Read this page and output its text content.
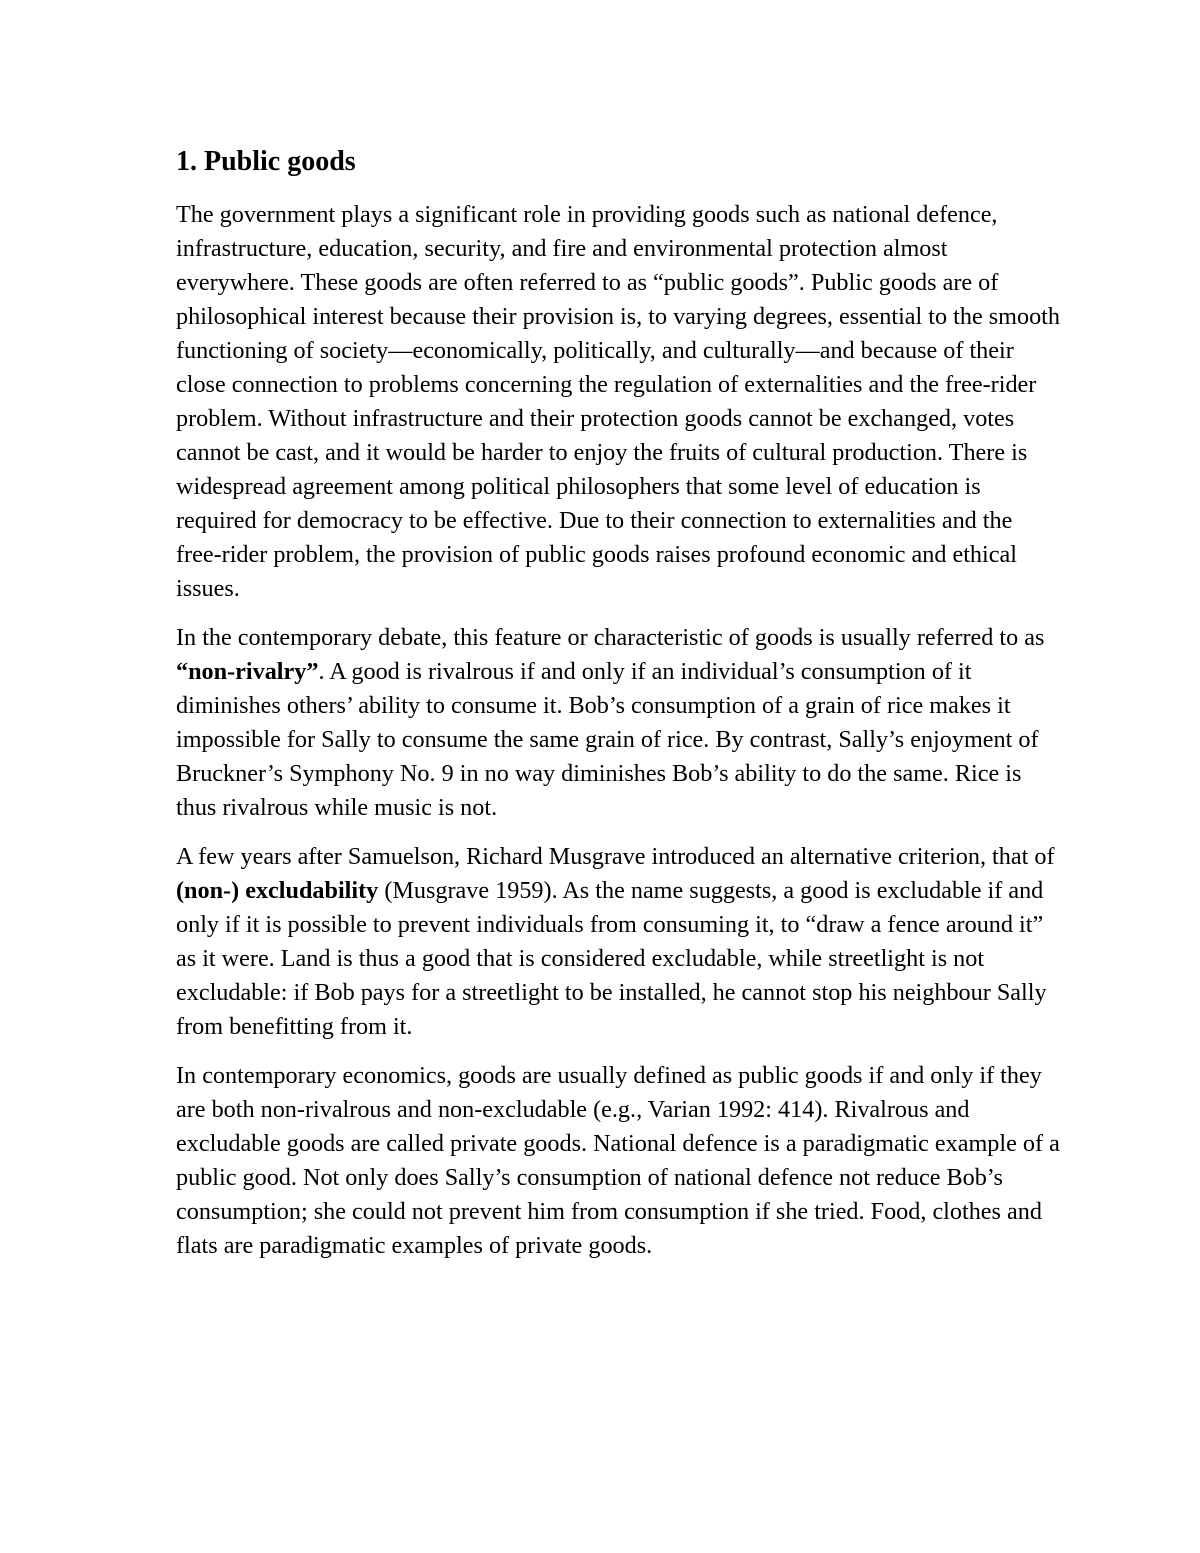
1. Public goods

The government plays a significant role in providing goods such as national defence, infrastructure, education, security, and fire and environmental protection almost everywhere. These goods are often referred to as “public goods”. Public goods are of philosophical interest because their provision is, to varying degrees, essential to the smooth functioning of society—economically, politically, and culturally—and because of their close connection to problems concerning the regulation of externalities and the free-rider problem. Without infrastructure and their protection goods cannot be exchanged, votes cannot be cast, and it would be harder to enjoy the fruits of cultural production. There is widespread agreement among political philosophers that some level of education is required for democracy to be effective. Due to their connection to externalities and the free-rider problem, the provision of public goods raises profound economic and ethical issues.

In the contemporary debate, this feature or characteristic of goods is usually referred to as “non-rivalry”. A good is rivalrous if and only if an individual’s consumption of it diminishes others’ ability to consume it. Bob’s consumption of a grain of rice makes it impossible for Sally to consume the same grain of rice. By contrast, Sally’s enjoyment of Bruckner’s Symphony No. 9 in no way diminishes Bob’s ability to do the same. Rice is thus rivalrous while music is not.

A few years after Samuelson, Richard Musgrave introduced an alternative criterion, that of (non-) excludability (Musgrave 1959). As the name suggests, a good is excludable if and only if it is possible to prevent individuals from consuming it, to “draw a fence around it” as it were. Land is thus a good that is considered excludable, while streetlight is not excludable: if Bob pays for a streetlight to be installed, he cannot stop his neighbour Sally from benefitting from it.

In contemporary economics, goods are usually defined as public goods if and only if they are both non-rivalrous and non-excludable (e.g., Varian 1992: 414). Rivalrous and excludable goods are called private goods. National defence is a paradigmatic example of a public good. Not only does Sally’s consumption of national defence not reduce Bob’s consumption; she could not prevent him from consumption if she tried. Food, clothes and flats are paradigmatic examples of private goods.
